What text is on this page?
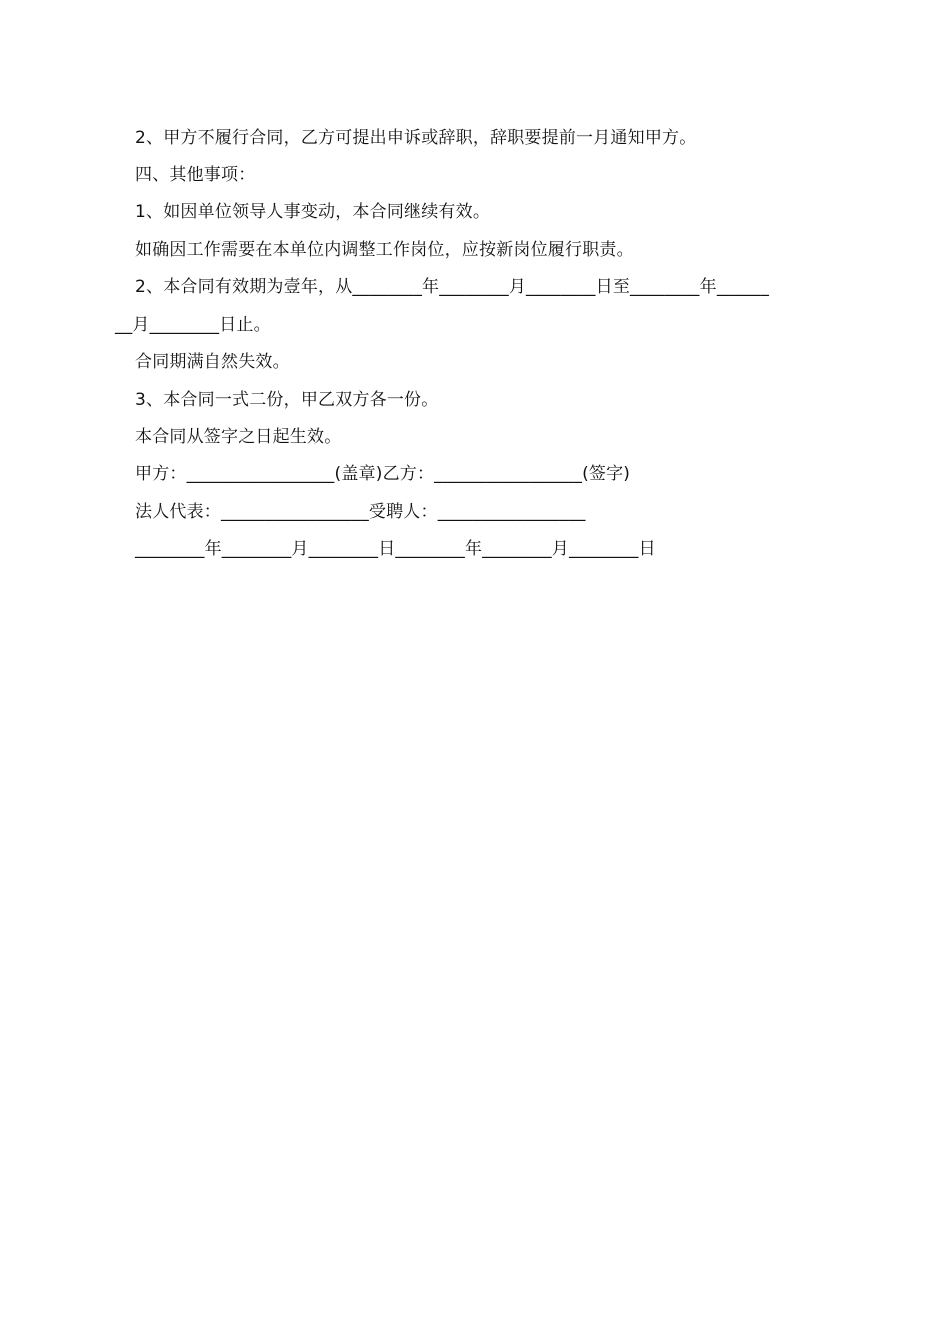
2、甲方不履行合同，乙方可提出申诉或辞职，辞职要提前一月通知甲方。
四、其他事项：
1、如因单位领导人事变动，本合同继续有效。
如确因工作需要在本单位内调整工作岗位，应按新岗位履行职责。
2、本合同有效期为壹年，从________年________月________日至________年______
__月________日止。
合同期满自然失效。
3、本合同一式二份，甲乙双方各一份。
本合同从签字之日起生效。
甲方：_________________(盖章)乙方：_________________(签字)
法人代表：_________________受聘人：_________________
________年________月________日________年________月________日
